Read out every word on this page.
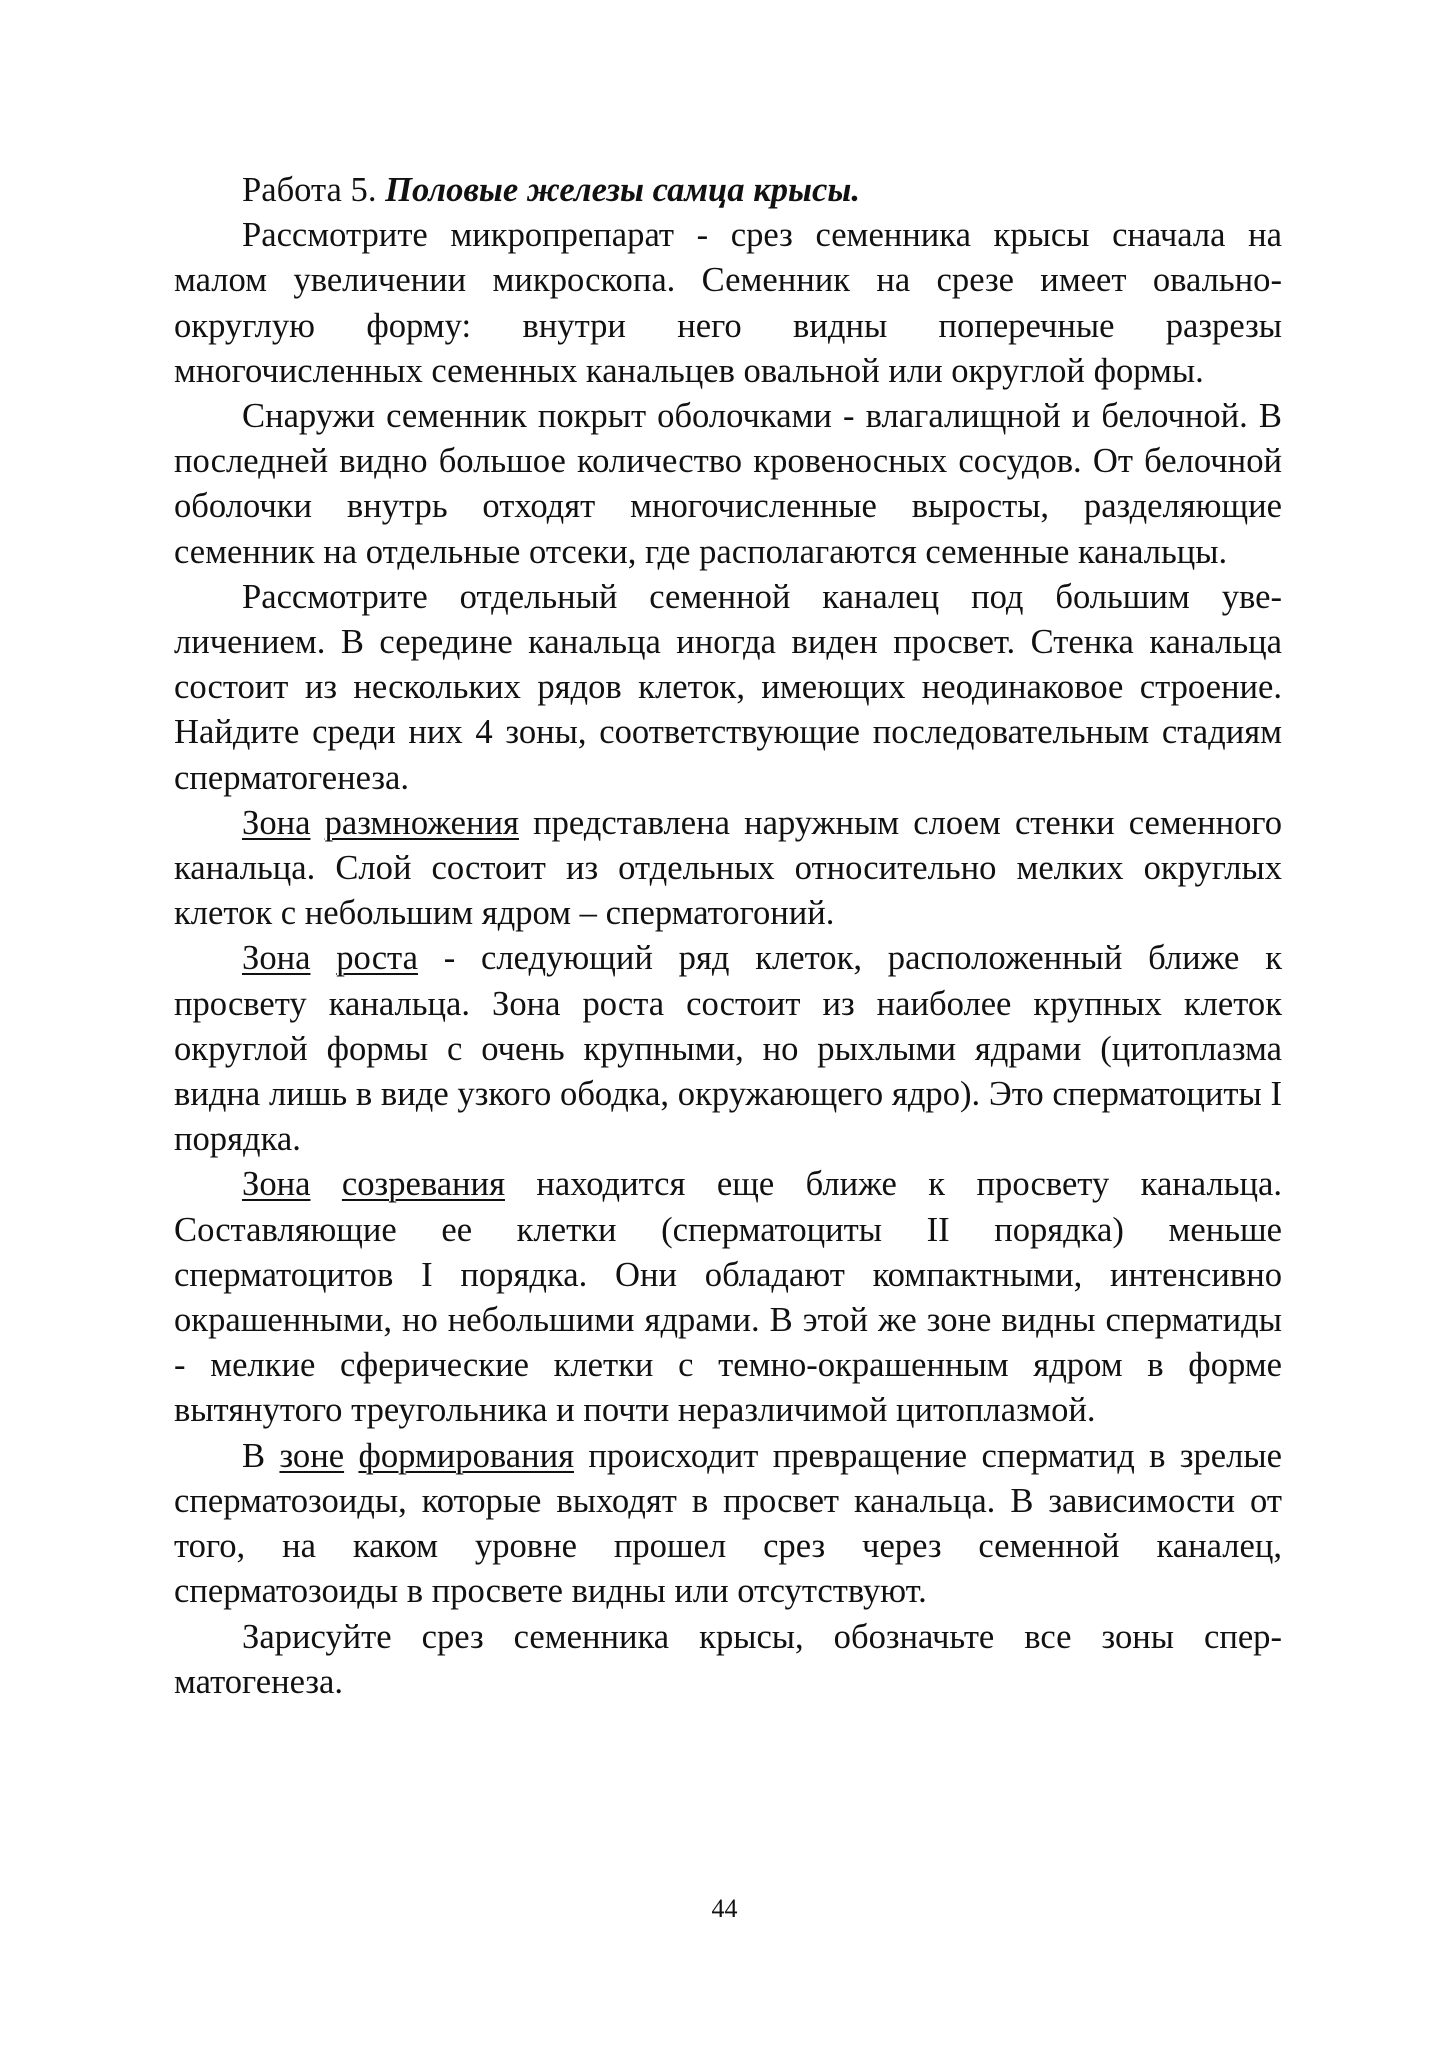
Работа 5. Половые железы самца крысы.

Рассмотрите микропрепарат - срез семенника крысы сначала на малом увеличении микроскопа. Семенник на срезе имеет овально-округлую форму: внутри него видны поперечные разрезы многочисленных семенных канальцев овальной или округлой формы.

Снаружи семенник покрыт оболочками - влагалищной и белочной. В последней видно большое количество кровеносных сосудов. От белочной оболочки внутрь отходят многочисленные выросты, разделяющие семенник на отдельные отсеки, где располагаются семенные канальцы.

Рассмотрите отдельный семенной каналец под большим увеличением. В середине канальца иногда виден просвет. Стенка канальца состоит из нескольких рядов клеток, имеющих неодинаковое строение. Найдите среди них 4 зоны, соответствующие последовательным стадиям сперматогенеза.

Зона размножения представлена наружным слоем стенки семенного канальца. Слой состоит из отдельных относительно мелких округлых клеток с небольшим ядром – сперматогоний.

Зона роста - следующий ряд клеток, расположенный ближе к просвету канальца. Зона роста состоит из наиболее крупных клеток округлой формы с очень крупными, но рыхлыми ядрами (цитоплазма видна лишь в виде узкого ободка, окружающего ядро). Это сперматоциты I порядка.

Зона созревания находится еще ближе к просвету канальца. Составляющие ее клетки (сперматоциты II порядка) меньше сперматоцитов I порядка. Они обладают компактными, интенсивно окрашенными, но небольшими ядрами. В этой же зоне видны сперматиды - мелкие сферические клетки с темно-окрашенным ядром в форме вытянутого треугольника и почти неразличимой цитоплазмой.

В зоне формирования происходит превращение сперматид в зрелые сперматозоиды, которые выходят в просвет канальца. В зависимости от того, на каком уровне прошел срез через семенной каналец, сперматозоиды в просвете видны или отсутствуют.

Зарисуйте срез семенника крысы, обозначьте все зоны сперматогенеза.

44
